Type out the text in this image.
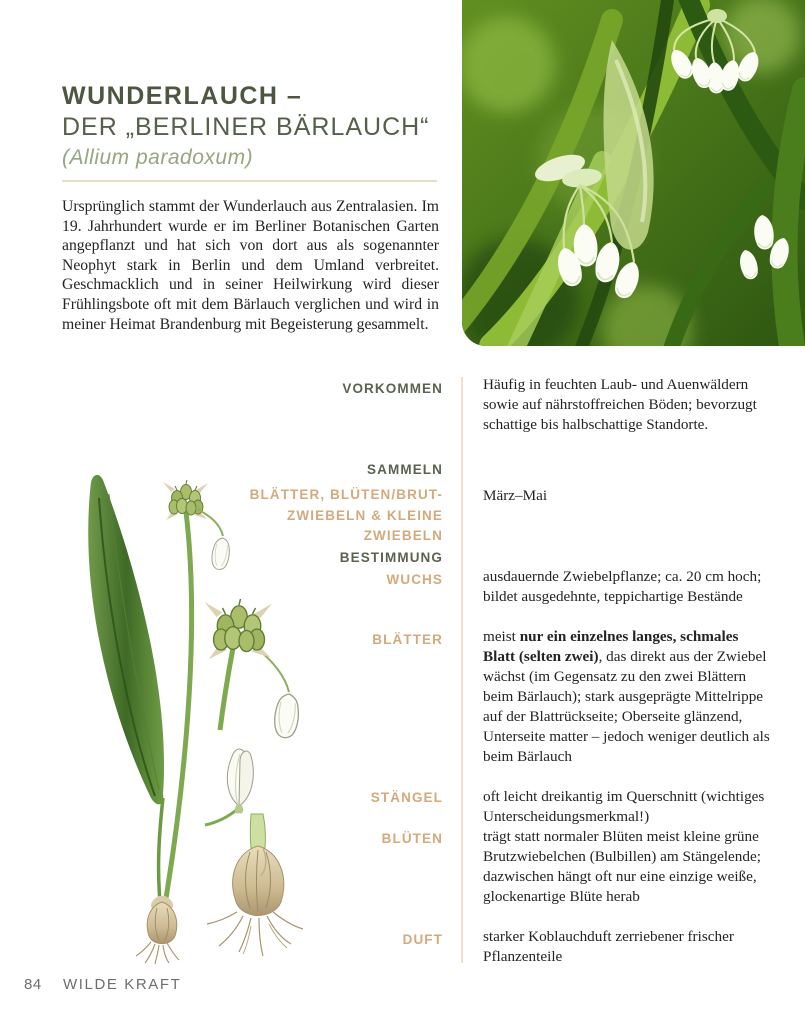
WUNDERLAUCH –
DER „BERLINER BÄRLAUCH“
(Allium paradoxum)
Ursprünglich stammt der Wunderlauch aus Zentralasien. Im 19. Jahrhundert wurde er im Berliner Botanischen Garten angepflanzt und hat sich von dort aus als sogenannter Neophyt stark in Berlin und dem Umland verbreitet. Geschmacklich und in seiner Heilwirkung wird dieser Frühlingsbote oft mit dem Bärlauch verglichen und wird in meiner Heimat Brandenburg mit Begeisterung gesammelt.
VORKOMMEN
SAMMELN
BLÄTTER, BLÜTEN/BRUT-
ZWIEBELN & KLEINE
ZWIEBELN
BESTIMMUNG
WUCHS
BLÄTTER
STÄNGEL
BLÜTEN
DUFT
Häufig in feuchten Laub- und Auenwäldern sowie auf nährstoffreichen Böden; bevorzugt schattige bis halbschattige Standorte.
März–Mai
ausdauernde Zwiebelpflanze; ca. 20 cm hoch; bildet ausgedehnte, teppichartige Bestände
meist nur ein einzelnes langes, schmales Blatt (selten zwei), das direkt aus der Zwiebel wächst (im Gegensatz zu den zwei Blättern beim Bärlauch); stark ausgeprägte Mittelrippe auf der Blattrückseite; Oberseite glänzend, Unterseite matter – jedoch weniger deutlich als beim Bärlauch
oft leicht dreikantig im Querschnitt (wichtiges Unterscheidungsmerkmal!)
trägt statt normaler Blüten meist kleine grüne Brutzwiebelchen (Bulbillen) am Stängelende; dazwischen hängt oft nur eine einzige weiße, glockenartige Blüte herab
starker Koblauchduft zerriebener frischer Pflanzenteile
84 WILDE KRAFT
